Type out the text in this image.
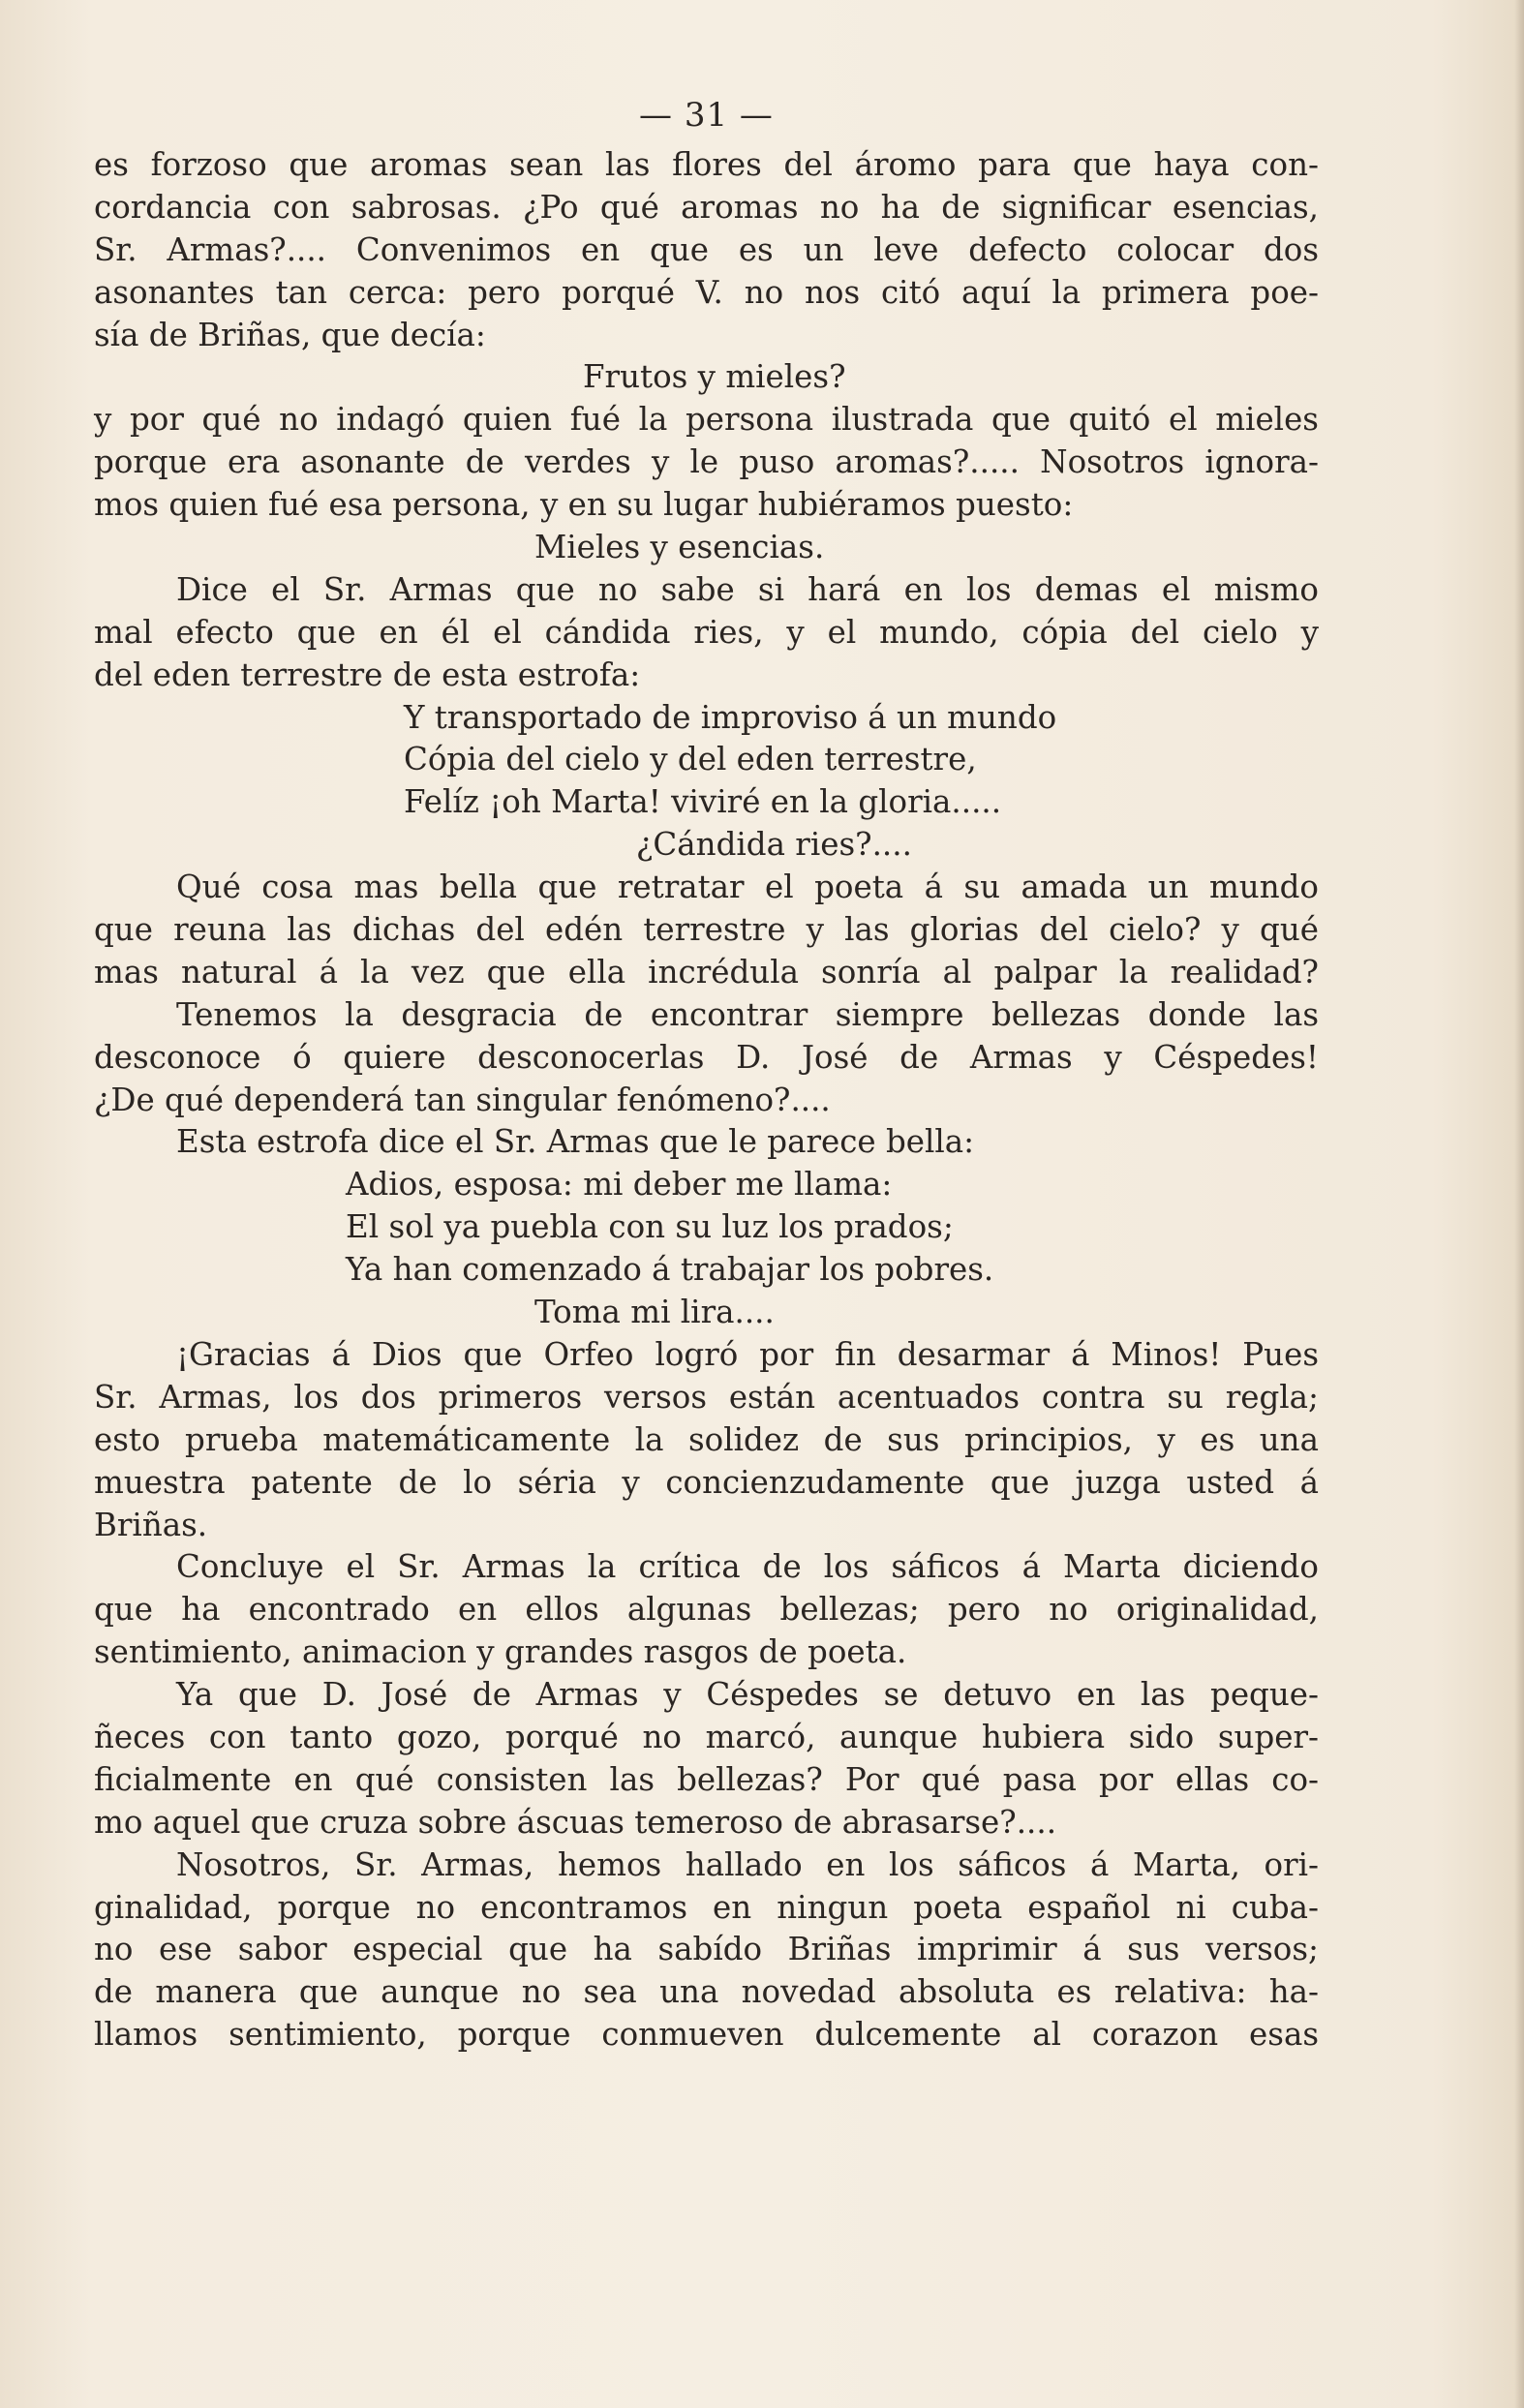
— 31 —
es forzoso que aromas sean las flores del áromo para que haya con-
cordancia con sabrosas. ¿Po qué aromas no ha de significar esencias,
Sr. Armas?.... Convenimos en que es un leve defecto colocar dos
asonantes tan cerca: pero porqué V. no nos citó aquí la primera poe-
sía de Briñas, que decía:
Frutos y mieles?
y por qué no indagó quien fué la persona ilustrada que quitó el mieles
porque era asonante de verdes y le puso aromas?..... Nosotros ignora-
mos quien fué esa persona, y en su lugar hubiéramos puesto:
Mieles y esencias.
Dice el Sr. Armas que no sabe si hará en los demas el mismo
mal efecto que en él el cándida ries, y el mundo, cópia del cielo y
del eden terrestre de esta estrofa:
Y transportado de improviso á un mundo
Cópia del cielo y del eden terrestre,
Felíz ¡oh Marta! viviré en la gloria.....
¿Cándida ries?....
Qué cosa mas bella que retratar el poeta á su amada un mundo
que reuna las dichas del edén terrestre y las glorias del cielo? y qué
mas natural á la vez que ella incrédula sonría al palpar la realidad?
Tenemos la desgracia de encontrar siempre bellezas donde las
desconoce ó quiere desconocerlas D. José de Armas y Céspedes!
¿De qué dependerá tan singular fenómeno?....
Esta estrofa dice el Sr. Armas que le parece bella:
Adios, esposa: mi deber me llama:
El sol ya puebla con su luz los prados;
Ya han comenzado á trabajar los pobres.
Toma mi lira....
¡Gracias á Dios que Orfeo logró por fin desarmar á Minos! Pues
Sr. Armas, los dos primeros versos están acentuados contra su regla;
esto prueba matemáticamente la solidez de sus principios, y es una
muestra patente de lo séria y concienzudamente que juzga usted á
Briñas.
Concluye el Sr. Armas la crítica de los sáficos á Marta diciendo
que ha encontrado en ellos algunas bellezas; pero no originalidad,
sentimiento, animacion y grandes rasgos de poeta.
Ya que D. José de Armas y Céspedes se detuvo en las peque-
ñeces con tanto gozo, porqué no marcó, aunque hubiera sido super-
ficialmente en qué consisten las bellezas? Por qué pasa por ellas co-
mo aquel que cruza sobre áscuas temeroso de abrasarse?....
Nosotros, Sr. Armas, hemos hallado en los sáficos á Marta, ori-
ginalidad, porque no encontramos en ningun poeta español ni cuba-
no ese sabor especial que ha sabído Briñas imprimir á sus versos;
de manera que aunque no sea una novedad absoluta es relativa: ha-
llamos sentimiento, porque conmueven dulcemente al corazon esas
